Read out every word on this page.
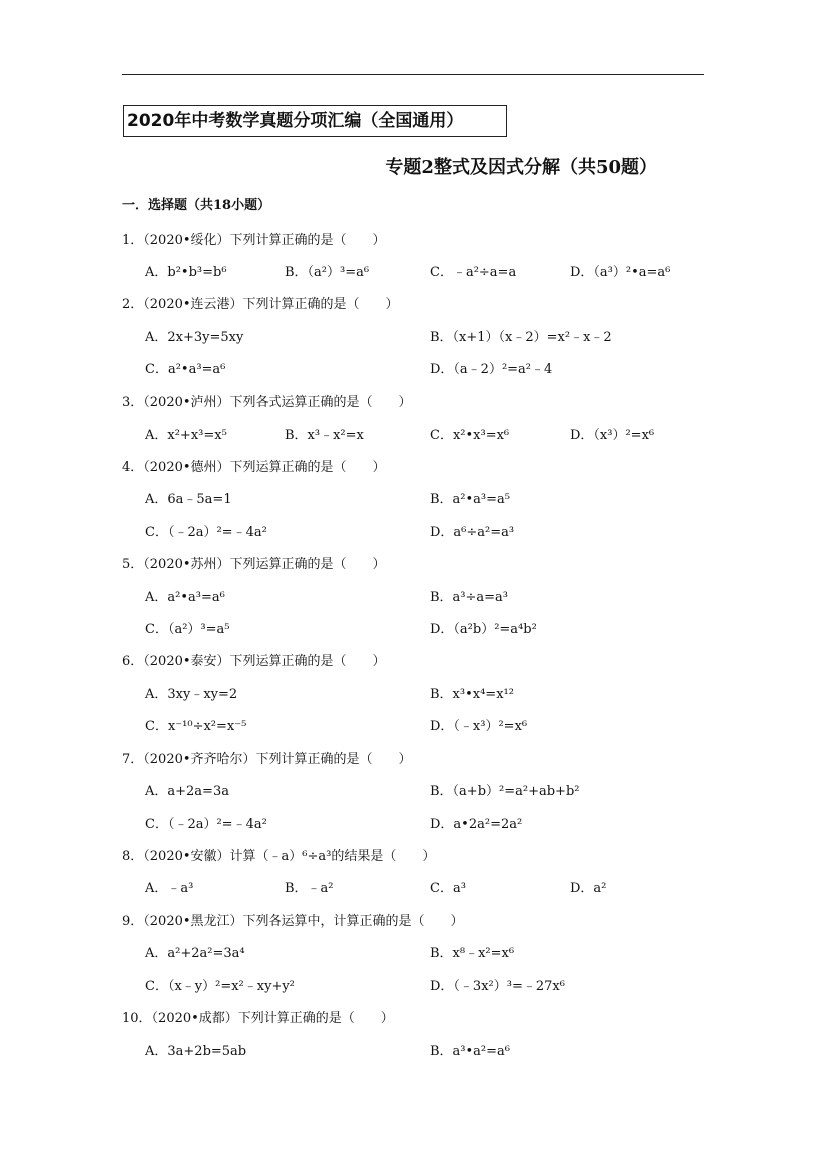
2020年中考数学真题分项汇编（全国通用）
专题2整式及因式分解（共50题）
一．选择题（共18小题）
1．（2020•绥化）下列计算正确的是（　　）
A．b²•b³=b⁶	B．（a²）³=a⁶	C．﹣a²÷a=a	D．（a³）²•a=a⁶
2．（2020•连云港）下列计算正确的是（　　）
A．2x+3y=5xy	B．（x+1）（x﹣2）=x²﹣x﹣2
C．a²•a³=a⁶	D．（a﹣2）²=a²﹣4
3．（2020•泸州）下列各式运算正确的是（　　）
A．x²+x³=x⁵	B．x³﹣x²=x	C．x²•x³=x⁶	D．（x³）²=x⁶
4．（2020•德州）下列运算正确的是（　　）
A．6a﹣5a=1	B．a²•a³=a⁵
C．（﹣2a）²=﹣4a²	D．a⁶÷a²=a³
5．（2020•苏州）下列运算正确的是（　　）
A．a²•a³=a⁶	B．a³÷a=a³
C．（a²）³=a⁵	D．（a²b）²=a⁴b²
6．（2020•泰安）下列运算正确的是（　　）
A．3xy﹣xy=2	B．x³•x⁴=x¹²
C．x⁻¹⁰÷x²=x⁻⁵	D．（﹣x³）²=x⁶
7．（2020•齐齐哈尔）下列计算正确的是（　　）
A．a+2a=3a	B．（a+b）²=a²+ab+b²
C．（﹣2a）²=﹣4a²	D．a•2a²=2a²
8．（2020•安徽）计算（﹣a）⁶÷a³的结果是（　　）
A．﹣a³	B．﹣a²	C．a³	D．a²
9．（2020•黑龙江）下列各运算中，计算正确的是（　　）
A．a²+2a²=3a⁴	B．x⁸﹣x²=x⁶
C．（x﹣y）²=x²﹣xy+y²	D．（﹣3x²）³=﹣27x⁶
10．（2020•成都）下列计算正确的是（　　）
A．3a+2b=5ab	B．a³•a²=a⁶
